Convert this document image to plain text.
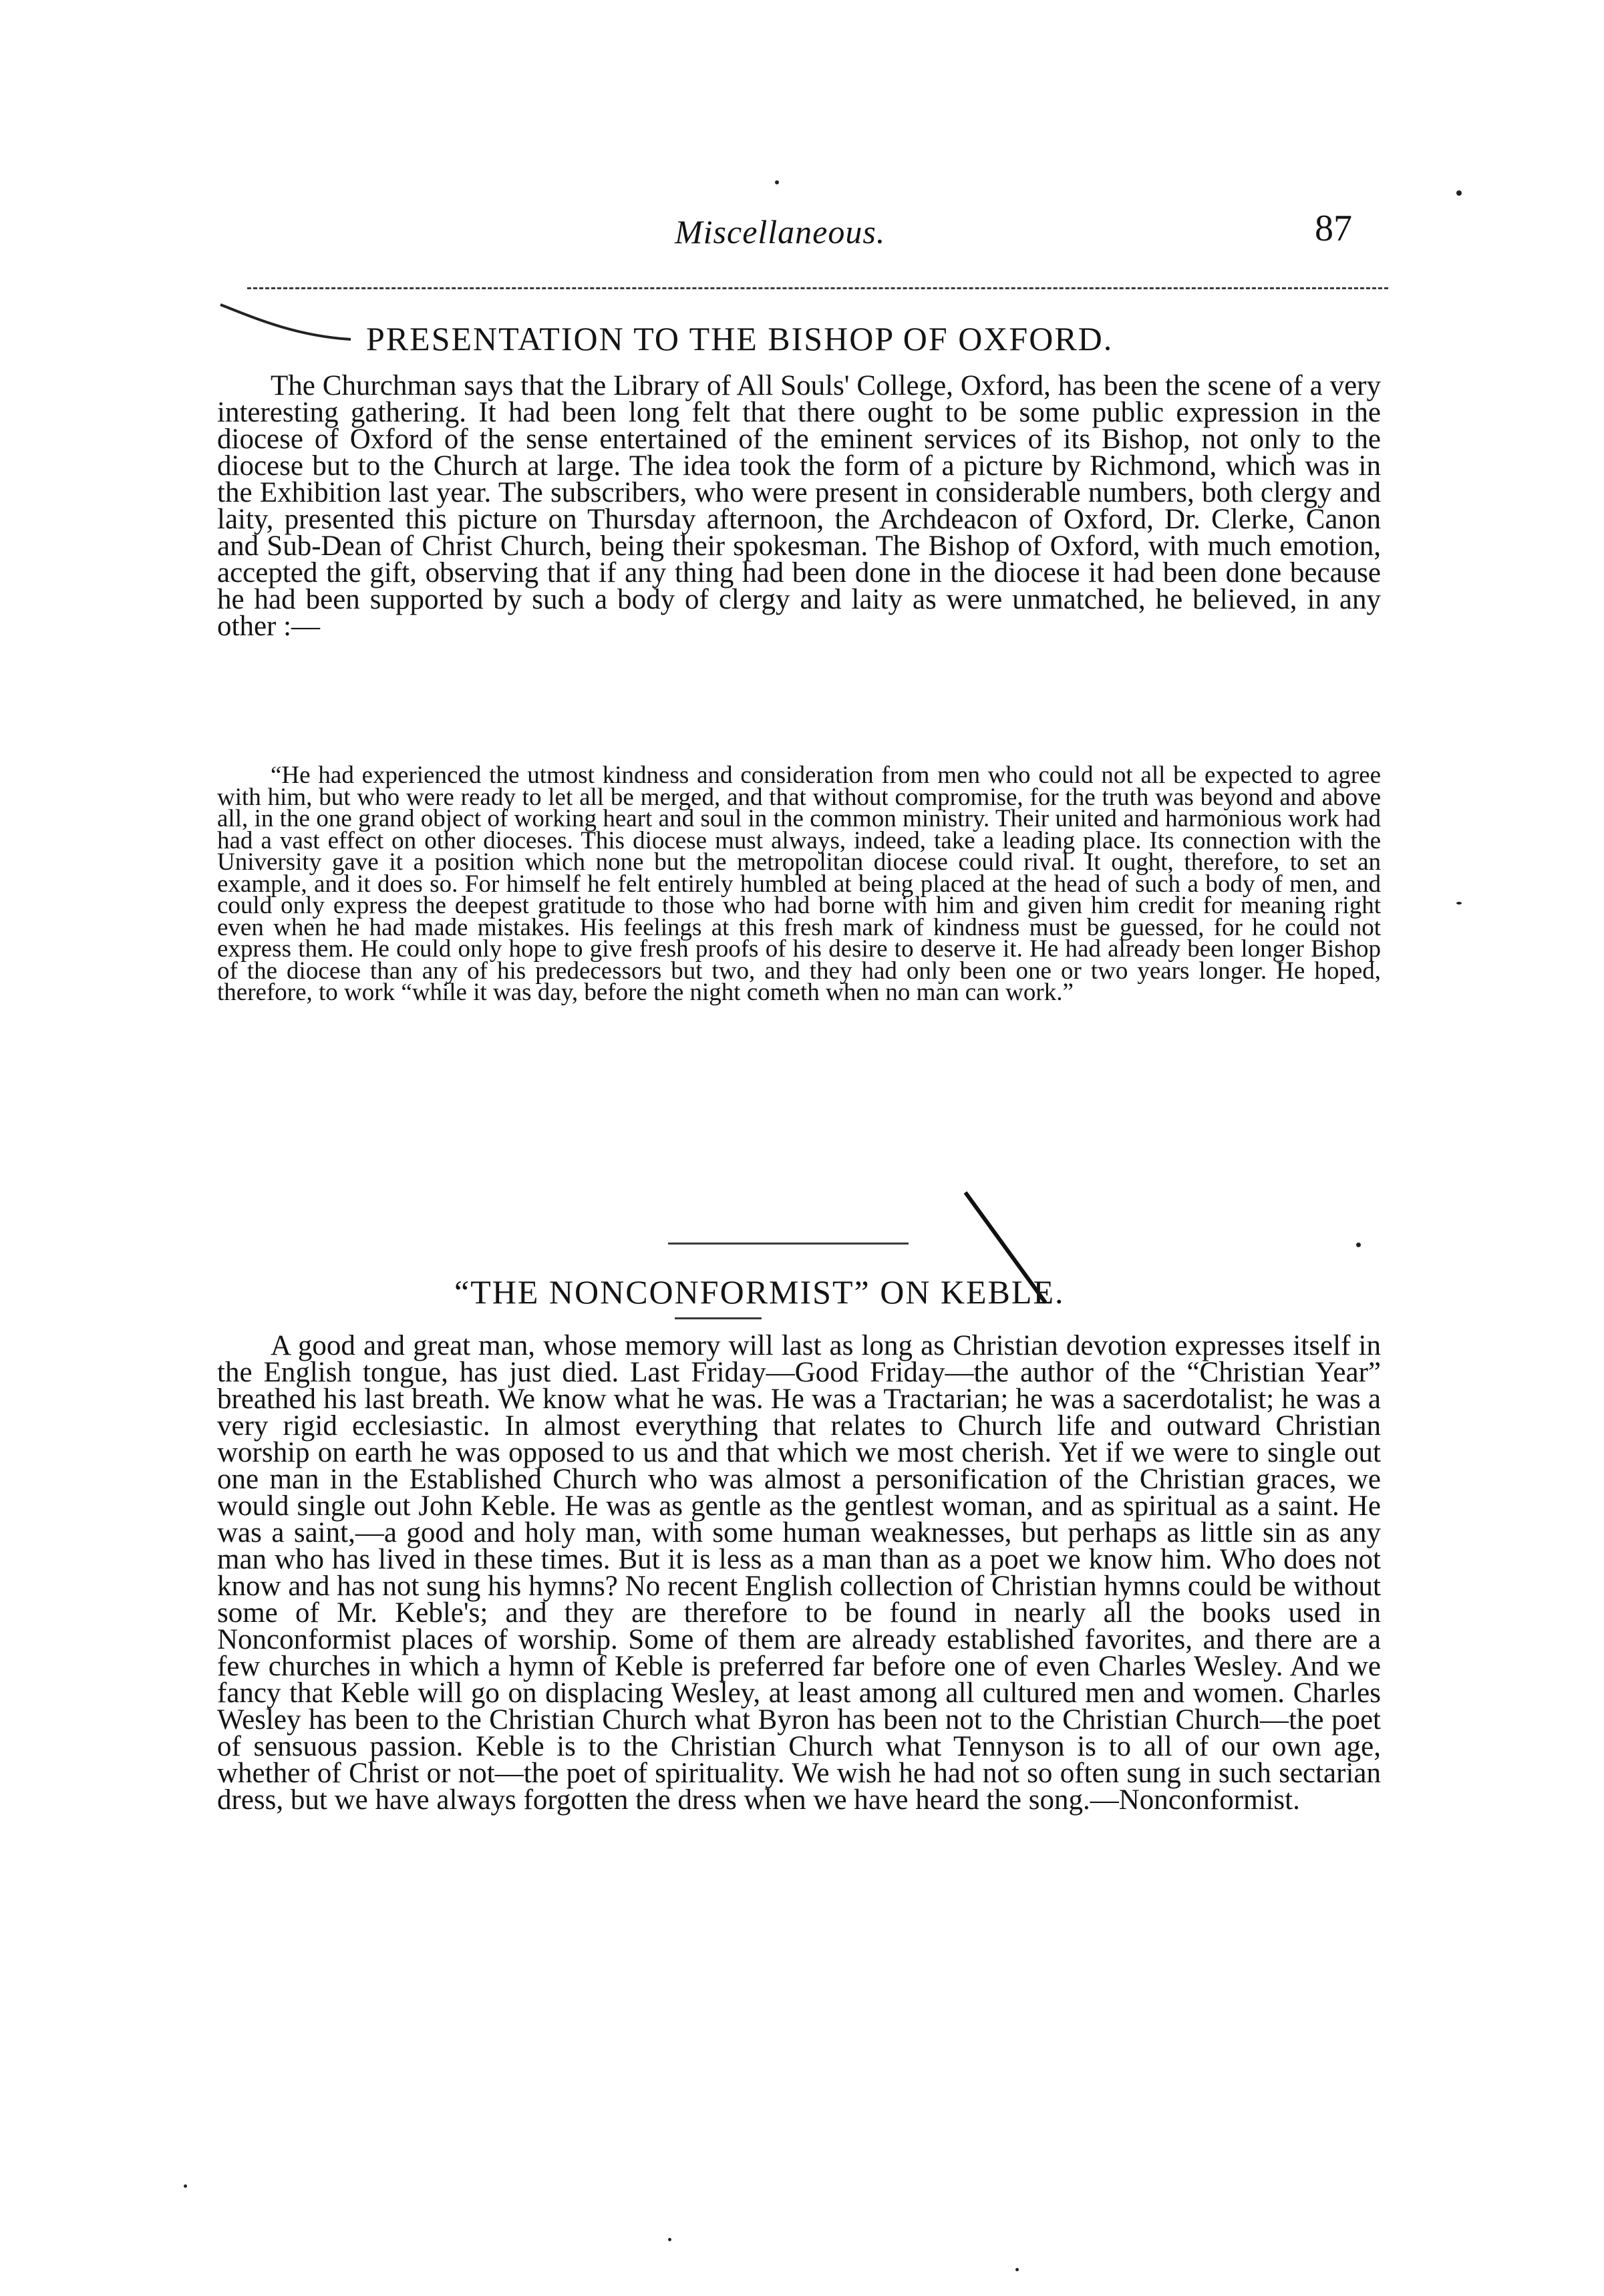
Miscellaneous.	87
PRESENTATION TO THE BISHOP OF OXFORD.

The Churchman says that the Library of All Souls' College, Oxford, has been the scene of a very interesting gathering. It had been long felt that there ought to be some public expression in the diocese of Oxford of the sense entertained of the eminent services of its Bishop, not only to the diocese but to the Church at large. The idea took the form of a picture by Richmond, which was in the Exhibition last year. The subscribers, who were present in considerable numbers, both clergy and laity, presented this picture on Thursday afternoon, the Archdeacon of Oxford, Dr. Clerke, Canon and Sub-Dean of Christ Church, being their spokesman. The Bishop of Oxford, with much emotion, accepted the gift, observing that if any thing had been done in the diocese it had been done because he had been supported by such a body of clergy and laity as were unmatched, he believed, in any other :—

“He had experienced the utmost kindness and consideration from men who could not all be expected to agree with him, but who were ready to let all be merged, and that without compromise, for the truth was beyond and above all, in the one grand object of working heart and soul in the common ministry. Their united and harmonious work had had a vast effect on other dioceses. This diocese must always, indeed, take a leading place. Its connection with the University gave it a position which none but the metropolitan diocese could rival. It ought, therefore, to set an example, and it does so. For himself he felt entirely humbled at being placed at the head of such a body of men, and could only express the deepest gratitude to those who had borne with him and given him credit for meaning right even when he had made mistakes. His feelings at this fresh mark of kindness must be guessed, for he could not express them. He could only hope to give fresh proofs of his desire to deserve it. He had already been longer Bishop of the diocese than any of his predecessors but two, and they had only been one or two years longer. He hoped, therefore, to work “while it was day, before the night cometh when no man can work.”

“THE NONCONFORMIST” ON KEBLE.

A good and great man, whose memory will last as long as Christian devotion expresses itself in the English tongue, has just died. Last Friday—Good Friday—the author of the “Christian Year” breathed his last breath. We know what he was. He was a Tractarian; he was a sacerdotalist; he was a very rigid ecclesiastic. In almost everything that relates to Church life and outward Christian worship on earth he was opposed to us and that which we most cherish. Yet if we were to single out one man in the Established Church who was almost a personification of the Christian graces, we would single out John Keble. He was as gentle as the gentlest woman, and as spiritual as a saint. He was a saint,—a good and holy man, with some human weaknesses, but perhaps as little sin as any man who has lived in these times. But it is less as a man than as a poet we know him. Who does not know and has not sung his hymns? No recent English collection of Christian hymns could be without some of Mr. Keble's; and they are therefore to be found in nearly all the books used in Nonconformist places of worship. Some of them are already established favorites, and there are a few churches in which a hymn of Keble is preferred far before one of even Charles Wesley. And we fancy that Keble will go on displacing Wesley, at least among all cultured men and women. Charles Wesley has been to the Christian Church what Byron has been not to the Christian Church—the poet of sensuous passion. Keble is to the Christian Church what Tennyson is to all of our own age, whether of Christ or not—the poet of spirituality. We wish he had not so often sung in such sectarian dress, but we have always forgotten the dress when we have heard the song.—Nonconformist.
